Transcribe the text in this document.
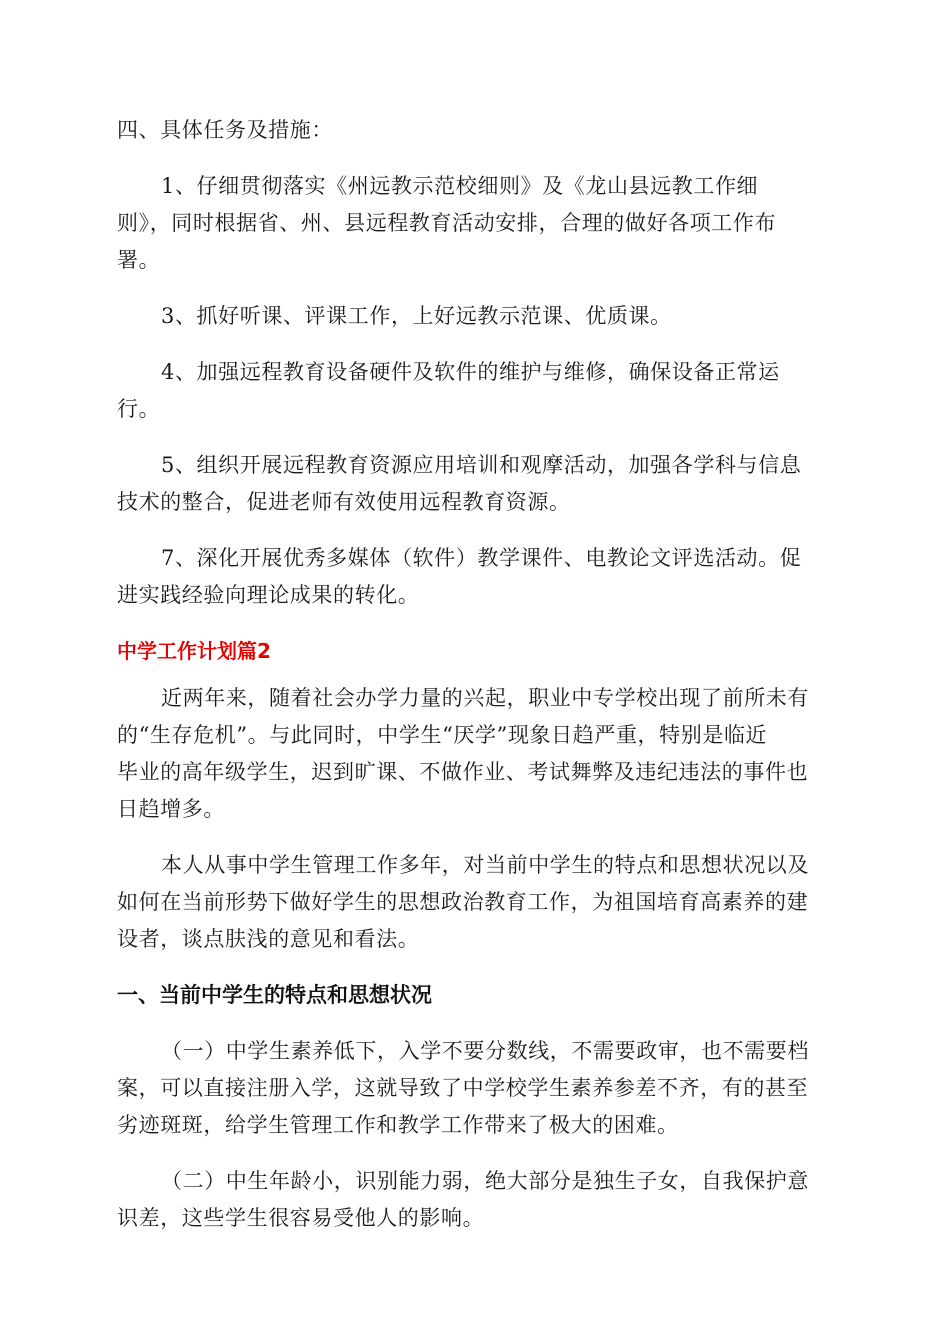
四、具体任务及措施：
1、仔细贯彻落实《州远教示范校细则》及《龙山县远教工作细
则》，同时根据省、州、县远程教育活动安排，合理的做好各项工作布
署。
3、抓好听课、评课工作，上好远教示范课、优质课。
4、加强远程教育设备硬件及软件的维护与维修，确保设备正常运
行。
5、组织开展远程教育资源应用培训和观摩活动，加强各学科与信息
技术的整合，促进老师有效使用远程教育资源。
7、深化开展优秀多媒体（软件）教学课件、电教论文评选活动。促
进实践经验向理论成果的转化。
中学工作计划篇2
近两年来，随着社会办学力量的兴起，职业中专学校出现了前所未有
的“生存危机”。与此同时，中学生“厌学”现象日趋严重，特别是临近
毕业的高年级学生，迟到旷课、不做作业、考试舞弊及违纪违法的事件也
日趋增多。
本人从事中学生管理工作多年，对当前中学生的特点和思想状况以及
如何在当前形势下做好学生的思想政治教育工作，为祖国培育高素养的建
设者，谈点肤浅的意见和看法。
一、当前中学生的特点和思想状况
（一）中学生素养低下，入学不要分数线，不需要政审，也不需要档
案，可以直接注册入学，这就导致了中学校学生素养参差不齐，有的甚至
劣迹斑斑，给学生管理工作和教学工作带来了极大的困难。
（二）中生年龄小，识别能力弱，绝大部分是独生子女，自我保护意
识差，这些学生很容易受他人的影响。
